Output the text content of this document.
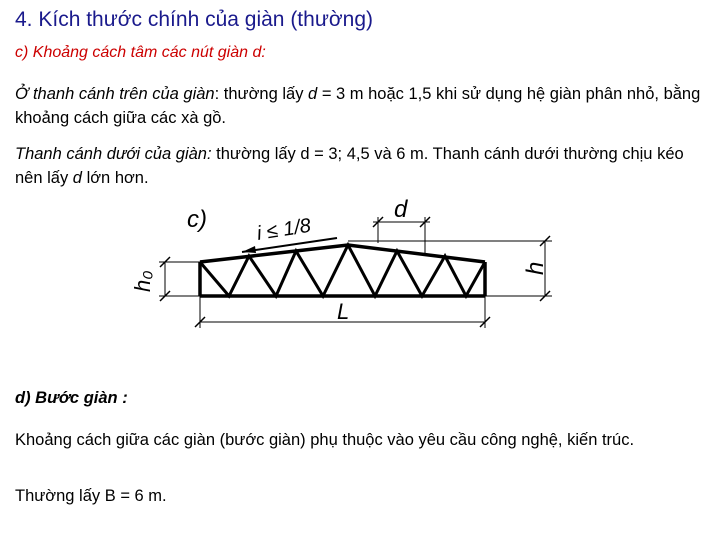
4. Kích thước chính của giàn (thường)
c) Khoảng cách tâm các nút giàn d:
Ở thanh cánh trên của giàn: thường lấy d = 3 m hoặc 1,5 khi sử dụng hệ giàn phân nhỏ, bằng khoảng cách giữa các xà gồ.
Thanh cánh dưới của giàn: thường lấy d = 3; 4,5 và 6 m. Thanh cánh dưới thường chịu kéo nên lấy d lớn hơn.
c) i ≤ 1/8
d
h₀
h
L
d) Bước giàn :
Khoảng cách giữa các giàn (bước giàn) phụ thuộc vào yêu cầu công nghệ, kiến trúc.
Thường lấy B = 6 m.
